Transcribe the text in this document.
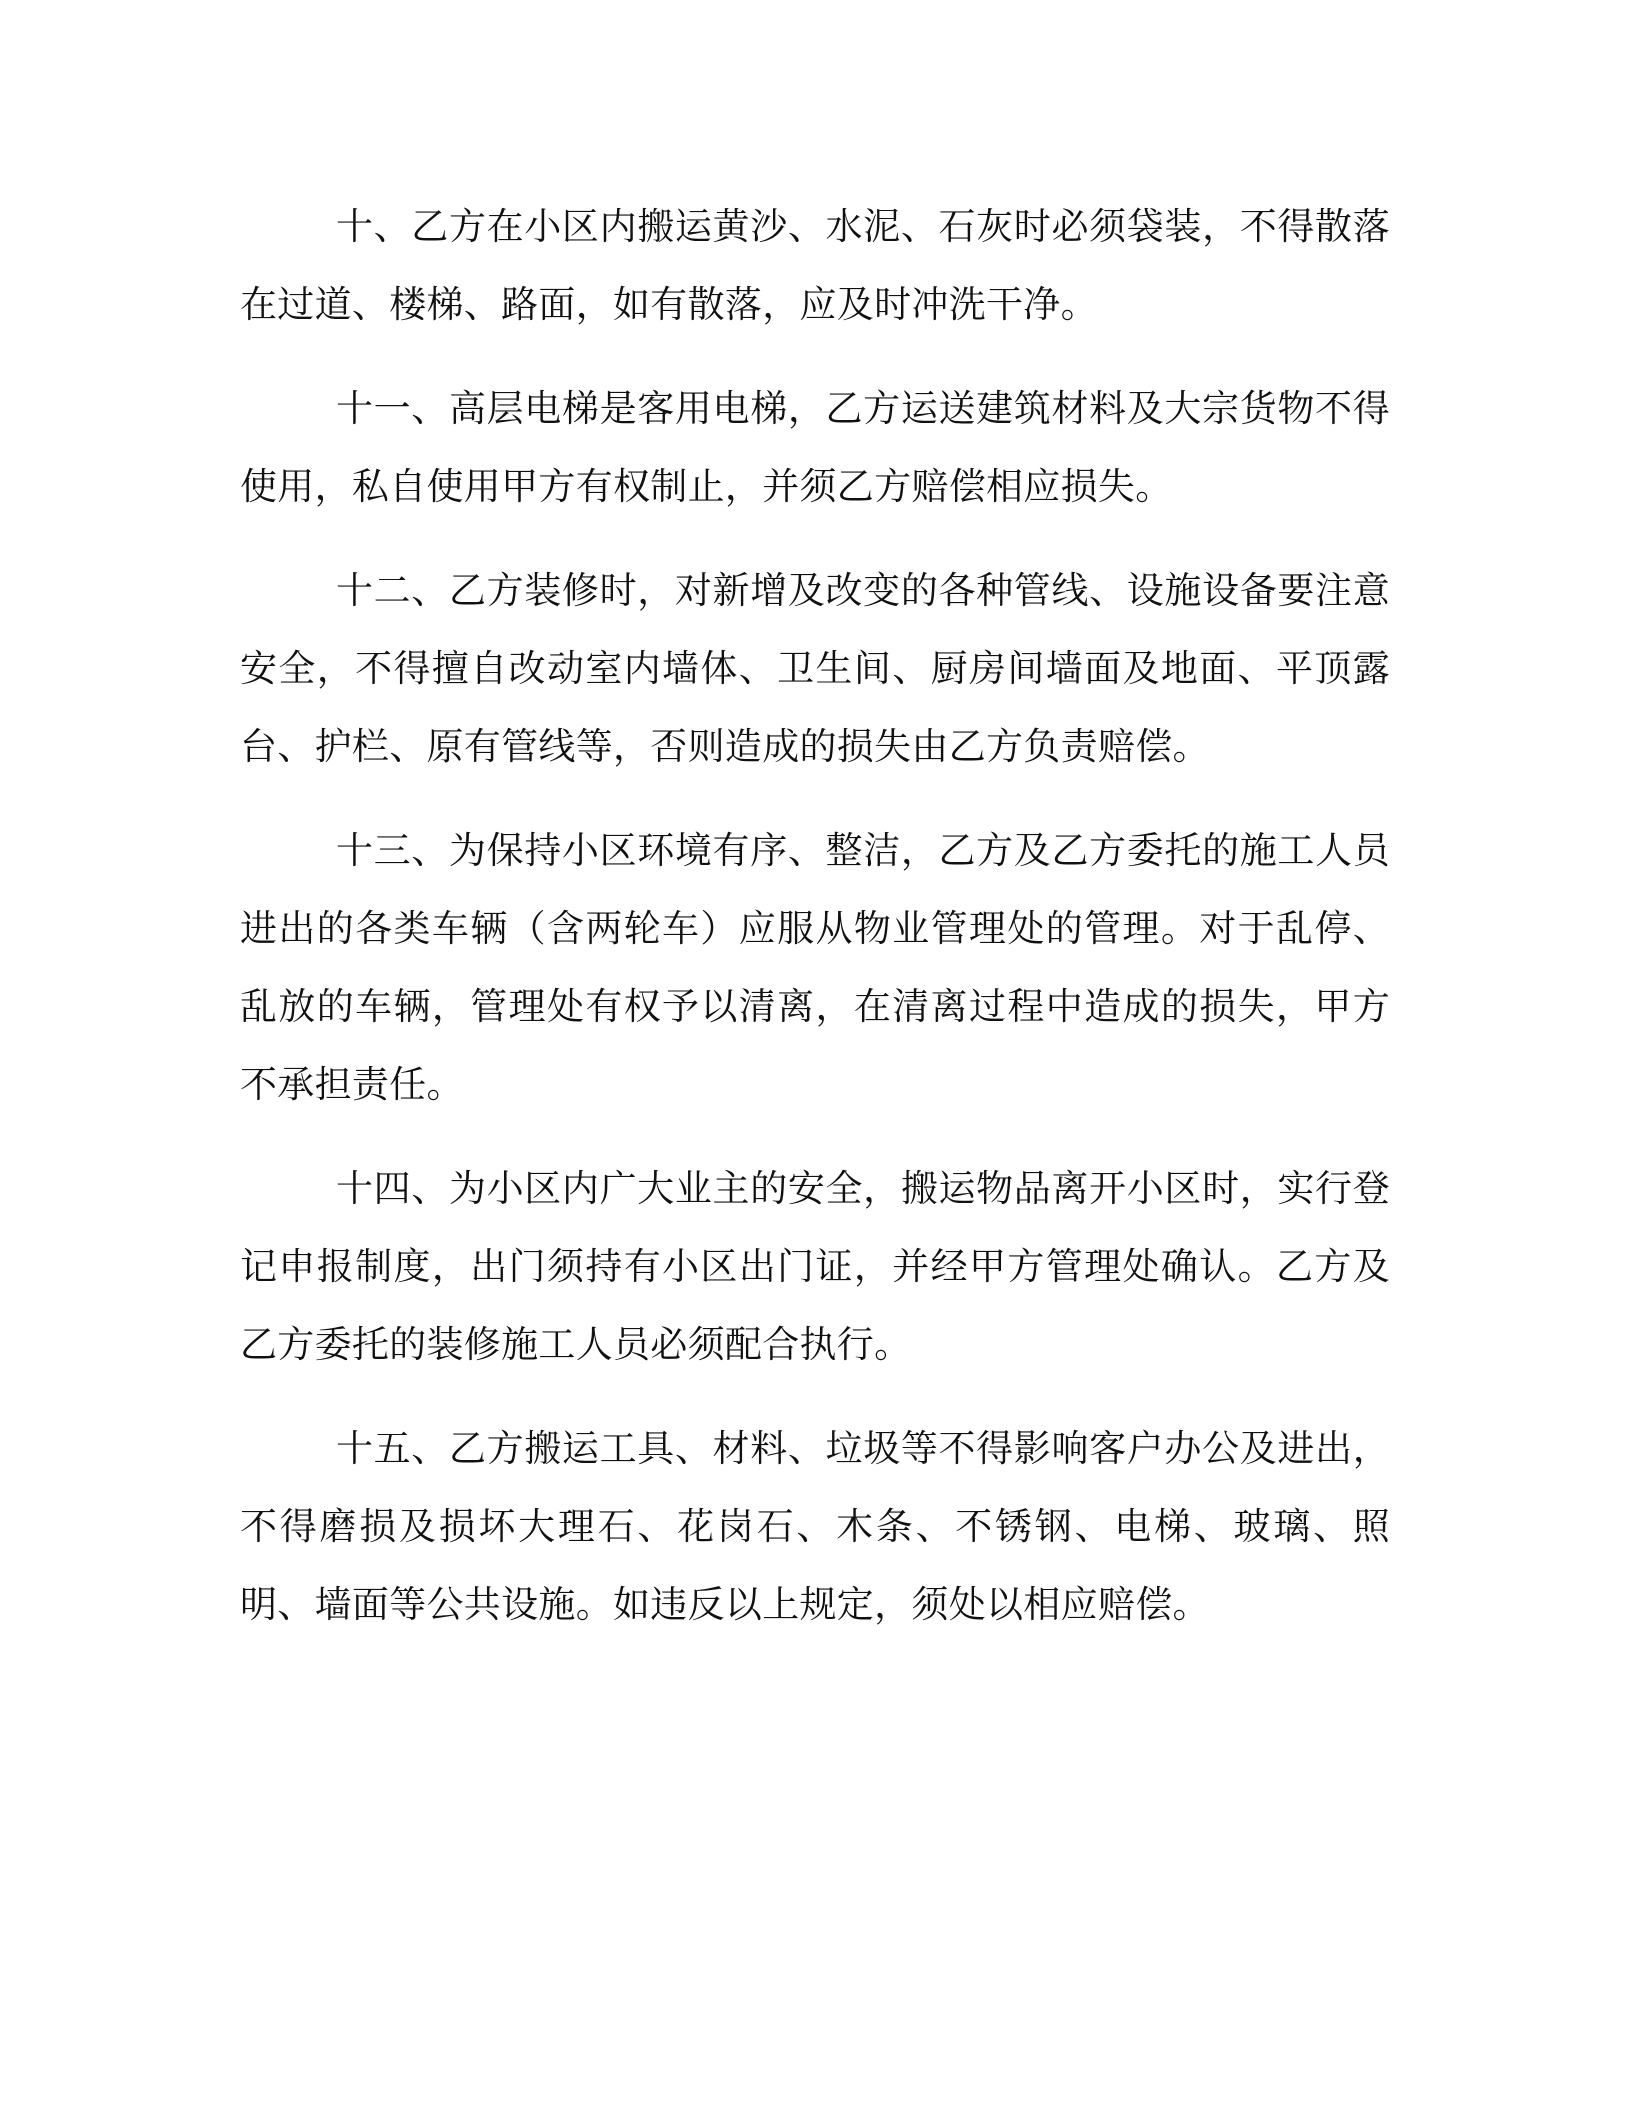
十、乙方在小区内搬运黄沙、水泥、石灰时必须袋装，不得散落在过道、楼梯、路面，如有散落，应及时冲洗干净。

十一、高层电梯是客用电梯，乙方运送建筑材料及大宗货物不得使用，私自使用甲方有权制止，并须乙方赔偿相应损失。

十二、乙方装修时，对新增及改变的各种管线、设施设备要注意安全，不得擅自改动室内墙体、卫生间、厨房间墙面及地面、平顶露台、护栏、原有管线等，否则造成的损失由乙方负责赔偿。

十三、为保持小区环境有序、整洁，乙方及乙方委托的施工人员进出的各类车辆（含两轮车）应服从物业管理处的管理。对于乱停、乱放的车辆，管理处有权予以清离，在清离过程中造成的损失，甲方不承担责任。

十四、为小区内广大业主的安全，搬运物品离开小区时，实行登记申报制度，出门须持有小区出门证，并经甲方管理处确认。乙方及乙方委托的装修施工人员必须配合执行。

十五、乙方搬运工具、材料、垃圾等不得影响客户办公及进出，不得磨损及损坏大理石、花岗石、木条、不锈钢、电梯、玻璃、照明、墙面等公共设施。如违反以上规定，须处以相应赔偿。
